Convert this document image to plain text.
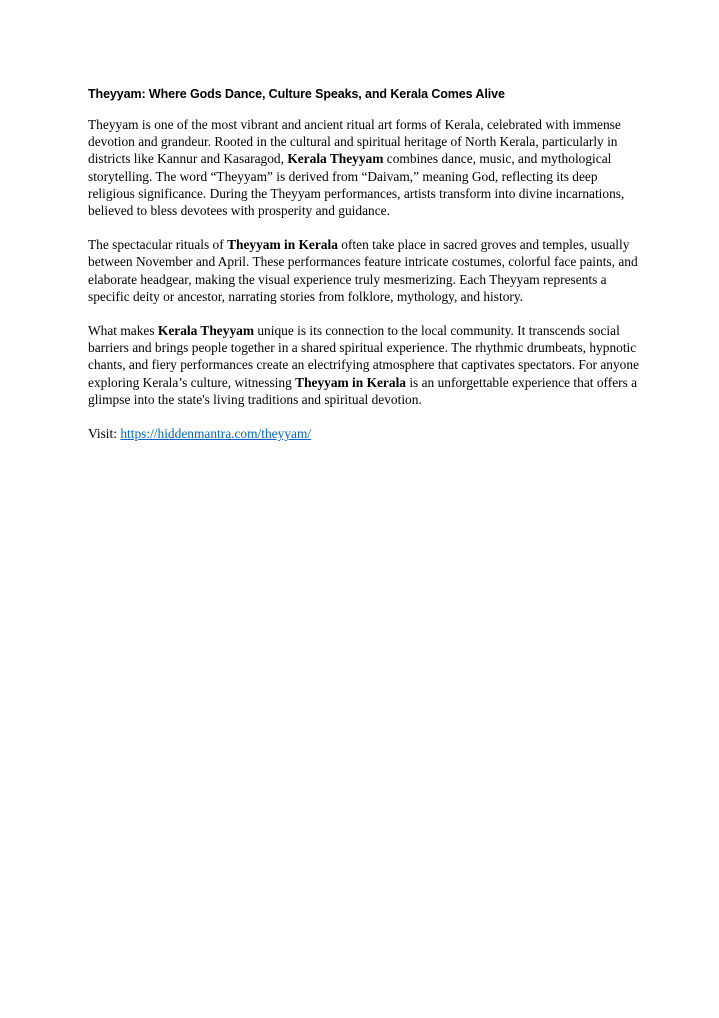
Theyyam: Where Gods Dance, Culture Speaks, and Kerala Comes Alive

Theyyam is one of the most vibrant and ancient ritual art forms of Kerala, celebrated with immense devotion and grandeur. Rooted in the cultural and spiritual heritage of North Kerala, particularly in districts like Kannur and Kasaragod, Kerala Theyyam combines dance, music, and mythological storytelling. The word “Theyyam” is derived from “Daivam,” meaning God, reflecting its deep religious significance. During the Theyyam performances, artists transform into divine incarnations, believed to bless devotees with prosperity and guidance.

The spectacular rituals of Theyyam in Kerala often take place in sacred groves and temples, usually between November and April. These performances feature intricate costumes, colorful face paints, and elaborate headgear, making the visual experience truly mesmerizing. Each Theyyam represents a specific deity or ancestor, narrating stories from folklore, mythology, and history.

What makes Kerala Theyyam unique is its connection to the local community. It transcends social barriers and brings people together in a shared spiritual experience. The rhythmic drumbeats, hypnotic chants, and fiery performances create an electrifying atmosphere that captivates spectators. For anyone exploring Kerala’s culture, witnessing Theyyam in Kerala is an unforgettable experience that offers a glimpse into the state's living traditions and spiritual devotion.

Visit: https://hiddenmantra.com/theyyam/
